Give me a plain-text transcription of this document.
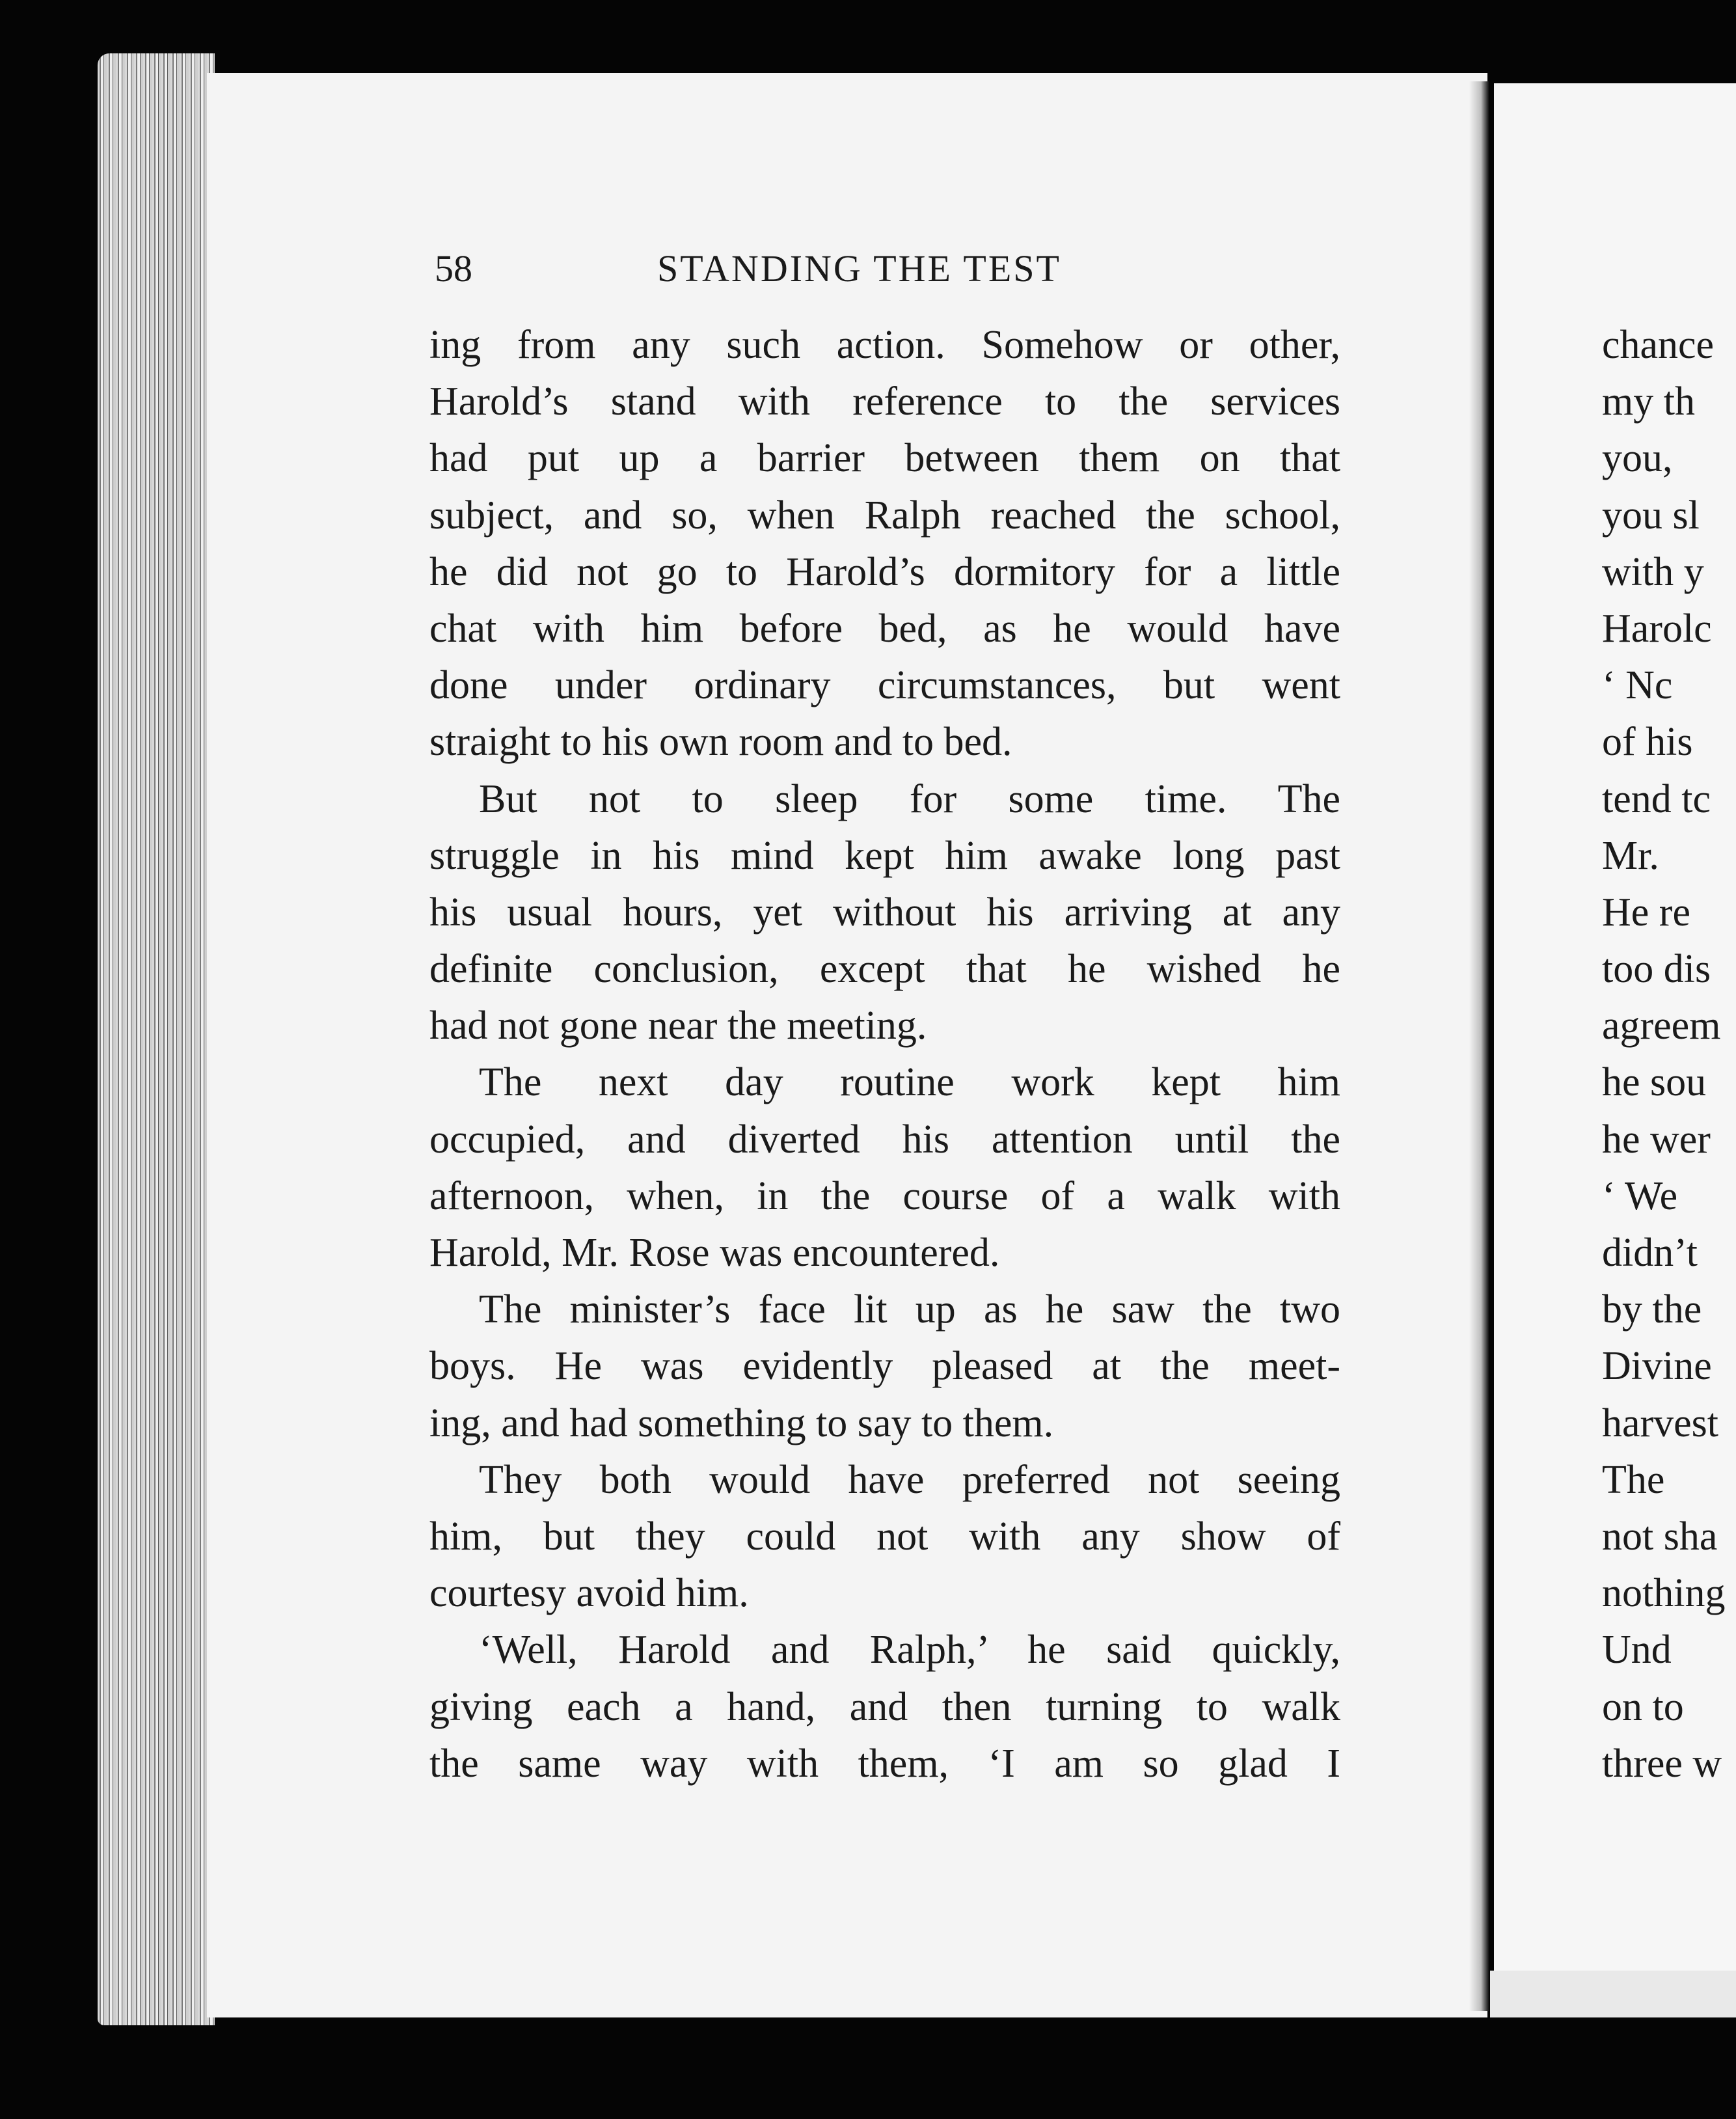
58	STANDING THE TEST
ing from any such action. Somehow or other,
Harold’s stand with reference to the services
had put up a barrier between them on that
subject, and so, when Ralph reached the school,
he did not go to Harold’s dormitory for a little
chat with him before bed, as he would have
done under ordinary circumstances, but went
straight to his own room and to bed.
But not to sleep for some time. The
struggle in his mind kept him awake long past
his usual hours, yet without his arriving at any
definite conclusion, except that he wished he
had not gone near the meeting.
The next day routine work kept him
occupied, and diverted his attention until the
afternoon, when, in the course of a walk with
Harold, Mr. Rose was encountered.
The minister’s face lit up as he saw the two
boys. He was evidently pleased at the meet-
ing, and had something to say to them.
They both would have preferred not seeing
him, but they could not with any show of
courtesy avoid him.
‘Well, Harold and Ralph,’ he said quickly,
giving each a hand, and then turning to walk
the same way with them, ‘I am so glad I
chance
my th
you,
you sl
with y
Harolc
‘ Nc
of his
tend tc
Mr.
He re
too dis
agreem
he sou
he wer
‘ We
didn’t
by the
Divine
harvest
The
not sha
nothing
Und
on to
three w
